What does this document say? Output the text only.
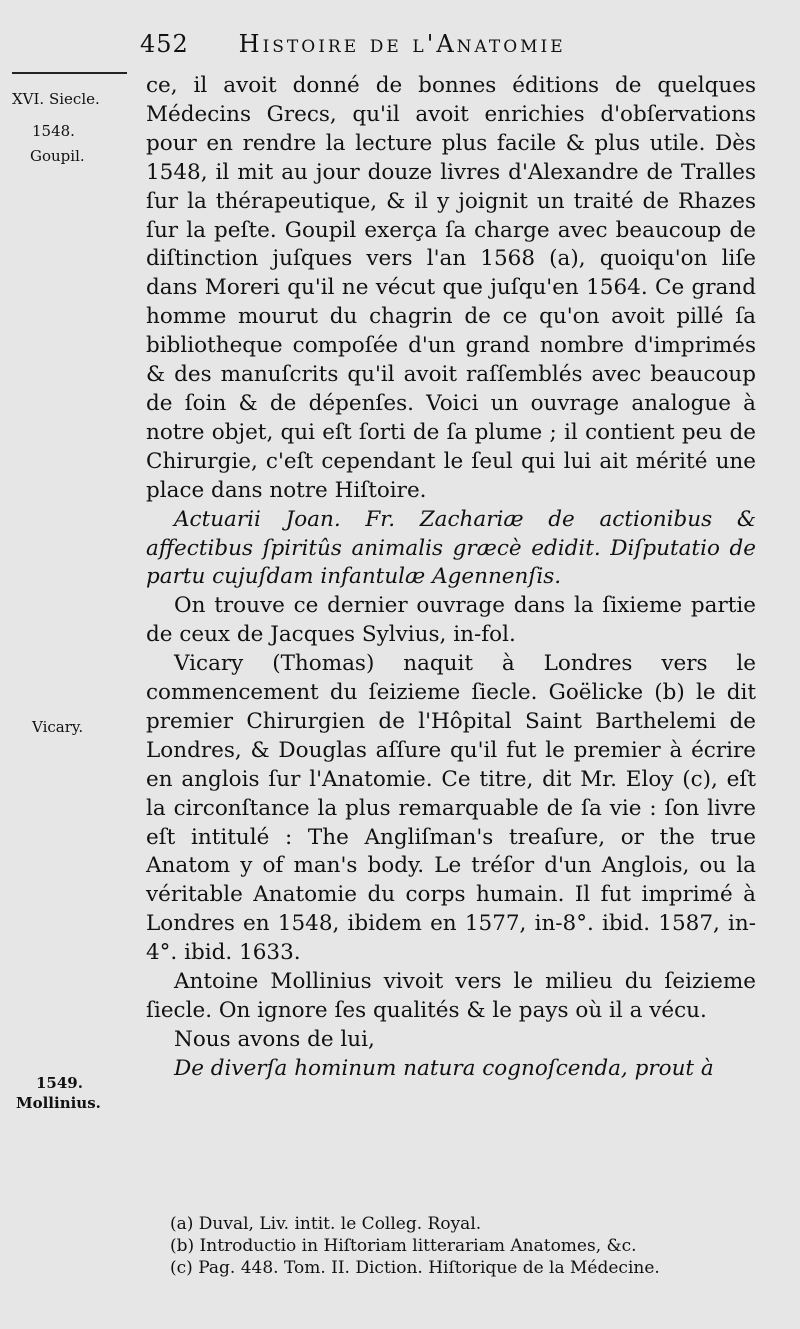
452 Histoire de l'Anatomie
XVI. Siecle.
1548.
Goupil.
Vicary.
1549.
Mollinius.

ce, il avoit donné de bonnes éditions de quelques Médecins Grecs, qu'il avoit enrichies d'obſervations pour en rendre la lecture plus facile & plus utile. Dès 1548, il mit au jour douze livres d'Alexandre de Tralles ſur la thérapeutique, & il y joignit un traité de Rhazes ſur la peſte. Goupil exerça ſa charge avec beaucoup de diſtinction juſques vers l'an 1568 (a), quoiqu'on liſe dans Moreri qu'il ne vécut que juſqu'en 1564. Ce grand homme mourut du chagrin de ce qu'on avoit pillé ſa bibliotheque compoſée d'un grand nombre d'imprimés & des manuſcrits qu'il avoit raſſemblés avec beaucoup de ſoin & de dépenſes. Voici un ouvrage analogue à notre objet, qui eſt ſorti de ſa plume ; il contient peu de Chirurgie, c'eſt cependant le ſeul qui lui ait mérité une place dans notre Hiſtoire.

Actuarii Joan. Fr. Zachariæ de actionibus & affectibus ſpiritûs animalis græcè edidit. Diſputatio de partu cujuſdam infantulæ Agennenſis.

On trouve ce dernier ouvrage dans la ſixieme partie de ceux de Jacques Sylvius, in-fol.

Vicary (Thomas) naquit à Londres vers le commencement du ſeizieme ſiecle. Goëlicke (b) le dit premier Chirurgien de l'Hôpital Saint Barthelemi de Londres, & Douglas aſſure qu'il fut le premier à écrire en anglois ſur l'Anatomie. Ce titre, dit Mr. Eloy (c), eſt la circonſtance la plus remarquable de ſa vie : ſon livre eſt intitulé : The Angliſman's treaſure, or the true Anatom y of man's body. Le tréſor d'un Anglois, ou la véritable Anatomie du corps humain. Il fut imprimé à Londres en 1548, ibidem en 1577, in-8°. ibid. 1587, in-4°. ibid. 1633.

Antoine Mollinius vivoit vers le milieu du ſeizieme ſiecle. On ignore ſes qualités & le pays où il a vécu.

Nous avons de lui,

De diverſa hominum natura cognoſcenda, prout à

(a) Duval, Liv. intit. le Colleg. Royal.
(b) Introductio in Hiſtoriam litterariam Anatomes, &c.
(c) Pag. 448. Tom. II. Diction. Hiſtorique de la Médecine.
